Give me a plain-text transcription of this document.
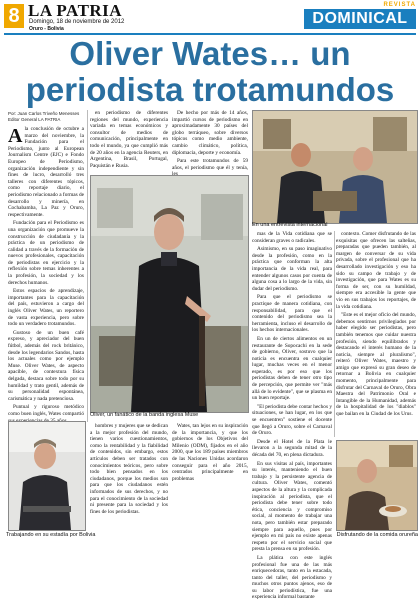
8 LA PATRIA
Domingo, 18 de noviembre de 2012
Oruro - Bolivia
REVISTA
DOMINICAL
Oliver Wates… un
periodista trotamundos
Por: Juan Carlos Triveño Menesses
Editor General LA PATRIA

Ala conclusión de octubre a marzo del noviembre, la Fundación para el Periodismo, junto al European Journalism Centre (EJC) e Fondo Europeo de Periodismo, organización independiente y sin fines de lucro, desarrolló tres talleres con diferentes tópicos, como reportaje diario, el periodismo relacionado a formas de desarrollo y minería, en Cochabamba, La Paz y Oruro, respectivamente.

Fundación para el Periodismo es una organización que promueve la construcción de ciudadanía y la práctica de un periodismo de calidad a través de la formación de nuevos profesionales, capacitación de periodistas en ejercicio y la reflexión sobre temas inherentes a la profesión, la sociedad y los derechos humanos.

Estos espacios de aprendizaje, importantes para la capacitación del país, estuvieron a cargo del inglés Oliver Wates, un reportero de vasta experiencia, pero sobre todo un verdadero trotamundos.

Gustoso de un buen café expreso, y apreciador del buen fútbol, además del rock británico, desde los legendarios Sandos, hasta los actuales como por ejemplo Muse. Oliver Wates, de aspecto apacible, de contextura física delgada, destaca sobre todo por su humildad y trato gentil, además de su personalidad espontánea, carismática y nada pretenciosa.

Puntual y riguroso metódico como buen inglés, Wates compartió

en periodismo de diferentes regiones del mundo, experiencia variada en temas económicos y consultor de medios de comunicación, principalmente en todo el mundo, ya que cumplió más de 20 años en la agencia Reuters, en Argentina, Brasil, Portugal, Paquistán e Rusia.

De hecho por más de 14 años, impartió cursos de periodismo en aproximadamente 30 países del globo terráqueo, sobre diversos tópicos como medio ambiente, cambio climático, política, diplomacia, deporte y economía.

Para este trotamundos de 59 años, el periodismo que él y tenía,

Oliver, un fanático de la banda inglesa Muse
En una entrevista internacional

mas de la Vida cotidiana que se consideran graves o radicales.

Asimismo, en su paso imaginativo desde la profesión, como en la práctica que conforman la alta importancia de la vida real, para entender algunos casos por cuenta de alguna cosa a lo largo de la vida, sin dudar del periodismo.

Para que el periodismo se practique de manera cotidiana, con responsabilidad, para que el contenido del periodismo sea la herramienta, incluso el desarrollo de los hechos internacionales.

En un de ciertos alimentos en un restaurante de Sopocachi en la sede de gobierno, Oliver, sostuvo que la noticia es encuentra en cualquier lugar, muchas veces en el menor esperado, es por eso que los periodistas deben de tener otro tipo de percepción, que permite ver "más allá de lo evidente", que se plasma en un buen reportaje.

"El periodista debe contar hechos y situaciones, se han lugar, en los que se encuentren" sostiene el docente que llegó a Oruro, sobre el Carnaval de Oruro.

Desde el Hotel de la Plata le llevaron a la segunda mitad de la década del 70, en plena dictadura.

En sus visitas al país, importantes su interés, manteniendo el buen trabajo y la persistente agencia de cultura. Oliver Wates, comentó aspectos de la altura y la complicada inspiración al periodista, que el periodista debe tener sobre todo ética, conciencia y compromiso social, al momento de trabajar una nota, pero también estar preparado siempre para aquello, pues por ejemplo en mi país no existe apenas respeto por el servicio social que presta la prensa en su profesión.

La plática con este inglés profesional fue una de las más enriquecedoras, tanto en la estacada, tanto del taller, del periodismo y muchos otros puntos ajenos, eso de su labor periodística, fue una experiencia informal bastante

contexto. Comer disfrutando de las exquisitas que ofrecen las salteñas, preparadas que pueden también, al margen de conversar de su vida privada, sobre el profesional que ha desarrollado investigación y eso ha sido su campo de trabajo y de investigación, que para Wates es su forma de ser, con su humildad, siempre era accesible la gente que vio en sus trabajos los reportajes, de la vida cotidiana.

"Este es el mejor oficio del mundo, debemos sentirnos privilegiados por haber elegido ser periodistas, pero también tenemos que cuidar nuestra profesión, siendo equilibrados y destacando el interés humano de la noticia, siempre al pluralismo", reiteró Oliver Wates, maestro y amigo que expresó su gran deseo de retornar a Bolivia en cualquier momento, principalmente para disfrutar del Carnaval de Oruro, Obra Maestra del Patrimonio Oral e Intangible de la Humanidad, además de la hospitalidad de los "diablos" que bailan en la Ciudad de los Urus.

Wates, tan lejos en su inspiración de la importancia, y que los gobiernos de los Objetivos del Milenio (ODM), fijados en el año 2000, que los 189 países miembros de las Naciones Unidas acordaron conseguir para el año 2015, centrados principalmente en problemas

hombres y mujeres que se dedican a la mejor profesión del mundo, tienen varios cuestionamientos, como la rentabilidad y la fiabilidad de contenidos, sin embargo, estos artículos deben ser tratados con conocimientos teóricos, pero sobre todo bien pensados en los ciudadanos, porque los medios son para que los ciudadanos estén informados de sus derechos, y no para el conocimiento de la sociedad ni presente para la sociedad y los fines de los periodistas.

Trabajando en su estadía por Bolivia	Disfrutando de la comida orureña
